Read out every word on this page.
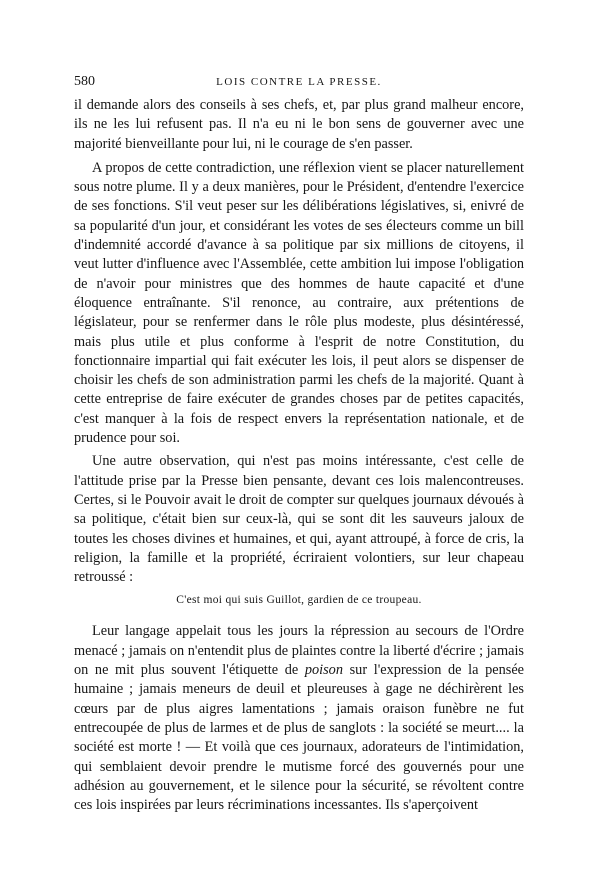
580	LOIS CONTRE LA PRESSE.

il demande alors des conseils à ses chefs, et, par plus grand malheur encore, ils ne les lui refusent pas. Il n'a eu ni le bon sens de gouverner avec une majorité bienveillante pour lui, ni le courage de s'en passer.

A propos de cette contradiction, une réflexion vient se placer naturellement sous notre plume. Il y a deux manières, pour le Président, d'entendre l'exercice de ses fonctions. S'il veut peser sur les délibérations législatives, si, enivré de sa popularité d'un jour, et considérant les votes de ses électeurs comme un bill d'indemnité accordé d'avance à sa politique par six millions de citoyens, il veut lutter d'influence avec l'Assemblée, cette ambition lui impose l'obligation de n'avoir pour ministres que des hommes de haute capacité et d'une éloquence entraînante. S'il renonce, au contraire, aux prétentions de législateur, pour se renfermer dans le rôle plus modeste, plus désintéressé, mais plus utile et plus conforme à l'esprit de notre Constitution, du fonctionnaire impartial qui fait exécuter les lois, il peut alors se dispenser de choisir les chefs de son administration parmi les chefs de la majorité. Quant à cette entreprise de faire exécuter de grandes choses par de petites capacités, c'est manquer à la fois de respect envers la représentation nationale, et de prudence pour soi.

Une autre observation, qui n'est pas moins intéressante, c'est celle de l'attitude prise par la Presse bien pensante, devant ces lois malencontreuses. Certes, si le Pouvoir avait le droit de compter sur quelques journaux dévoués à sa politique, c'était bien sur ceux-là, qui se sont dit les sauveurs jaloux de toutes les choses divines et humaines, et qui, ayant attroupé, à force de cris, la religion, la famille et la propriété, écriraient volontiers, sur leur chapeau retroussé :

C'est moi qui suis Guillot, gardien de ce troupeau.

Leur langage appelait tous les jours la répression au secours de l'Ordre menacé ; jamais on n'entendit plus de plaintes contre la liberté d'écrire ; jamais on ne mit plus souvent l'étiquette de poison sur l'expression de la pensée humaine ; jamais meneurs de deuil et pleureuses à gage ne déchirèrent les cœurs par de plus aigres lamentations ; jamais oraison funèbre ne fut entrecoupée de plus de larmes et de plus de sanglots : la société se meurt.... la société est morte ! — Et voilà que ces journaux, adorateurs de l'intimidation, qui semblaient devoir prendre le mutisme forcé des gouvernés pour une adhésion au gouvernement, et le silence pour la sécurité, se révoltent contre ces lois inspirées par leurs récriminations incessantes. Ils s'aperçoivent
